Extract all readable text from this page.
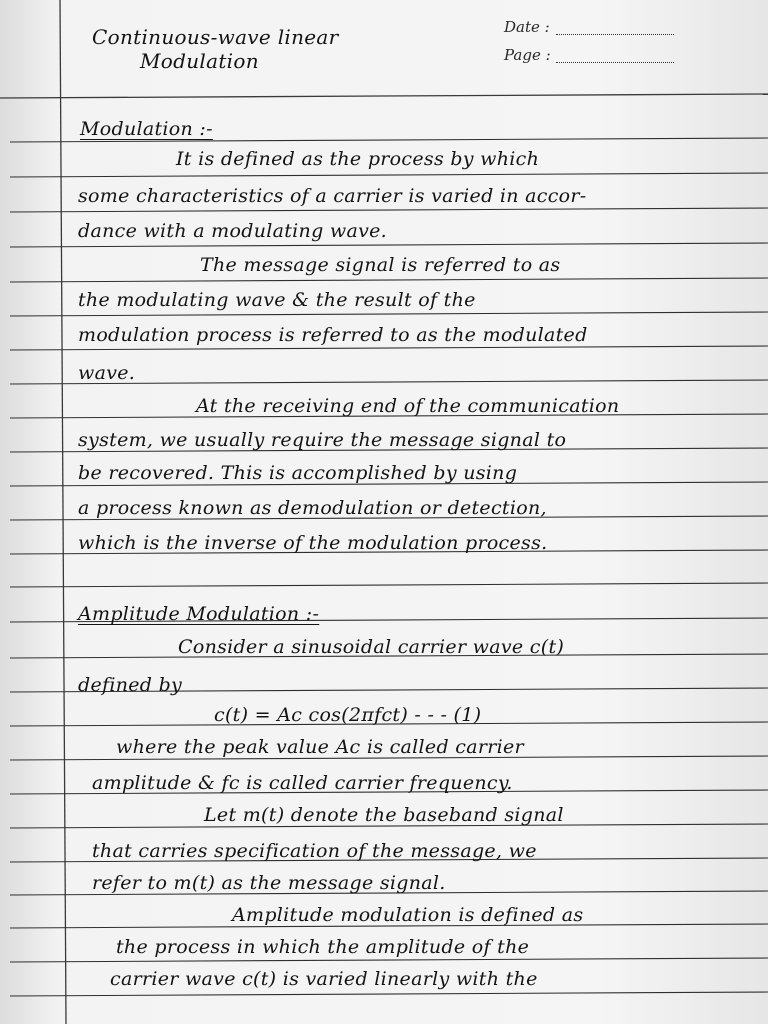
Continuous-wave linear
Modulation
Date :
Page :
Modulation :-
It is defined as the process by which
some characteristics of a carrier is varied in accor-
dance with a modulating wave.
The message signal is referred to as
the modulating wave & the result of the
modulation process is referred to as the modulated
wave.
At the receiving end of the communication
system, we usually require the message signal to
be recovered. This is accomplished by using
a process known as demodulation or detection,
which is the inverse of the modulation process.
Amplitude Modulation :-
Consider a sinusoidal carrier wave c(t)
defined by
c(t) = Ac cos(2πfct) - - - (1)
where the peak value Ac is called carrier
amplitude & fc is called carrier frequency.
Let m(t) denote the baseband signal
that carries specification of the message, we
refer to m(t) as the message signal.
Amplitude modulation is defined as
the process in which the amplitude of the
carrier wave c(t) is varied linearly with the
